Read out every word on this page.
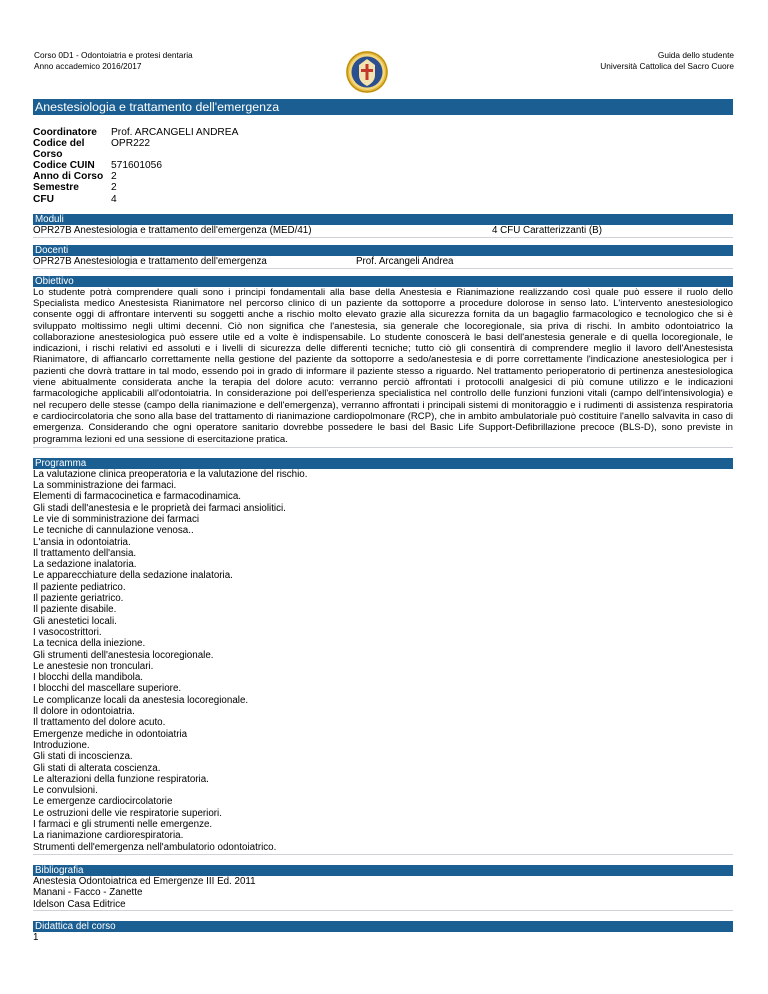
Corso 0D1 - Odontoiatria e protesi dentaria
Anno accademico 2016/2017
Guida dello studente
Università Cattolica del Sacro Cuore
Anestesiologia e trattamento dell'emergenza
Coordinatore	Prof. ARCANGELI ANDREA
Codice del Corso	OPR222
Codice CUIN	571601056
Anno di Corso	2
Semestre	2
CFU	4
Moduli
OPR27B Anestesiologia e trattamento dell'emergenza (MED/41)	4 CFU Caratterizzanti (B)
Docenti
OPR27B Anestesiologia e trattamento dell'emergenza	Prof. Arcangeli Andrea
Obiettivo
Lo studente potrà comprendere quali sono i principi fondamentali alla base della Anestesia e Rianimazione realizzando così quale può essere il ruolo dello Specialista medico Anestesista Rianimatore nel percorso clinico di un paziente da sottoporre a procedure dolorose in senso lato. L'intervento anestesiologico consente oggi di affrontare interventi su soggetti anche a rischio molto elevato grazie alla sicurezza fornita da un bagaglio farmacologico e tecnologico che si è sviluppato moltissimo negli ultimi decenni. Ciò non significa che l'anestesia, sia generale che locoregionale, sia priva di rischi. In ambito odontoiatrico la collaborazione anestesiologica può essere utile ed a volte è indispensabile. Lo studente conoscerà le basi dell'anestesia generale e di quella locoregionale, le indicazioni, i rischi relativi ed assoluti e i livelli di sicurezza delle differenti tecniche; tutto ciò gli consentirà di comprendere meglio il lavoro dell'Anestesista Rianimatore, di affiancarlo correttamente nella gestione del paziente da sottoporre a sedo/anestesia e di porre correttamente l'indicazione anestesiologica per i pazienti che dovrà trattare in tal modo, essendo poi in grado di informare il paziente stesso a riguardo. Nel trattamento perioperatorio di pertinenza anestesiologica viene abitualmente considerata anche la terapia del dolore acuto: verranno perciò affrontati i protocolli analgesici di più comune utilizzo e le indicazioni farmacologiche applicabili all'odontoiatria. In considerazione poi dell'esperienza specialistica nel controllo delle funzioni funzioni vitali (campo dell'intensivologia) e nel recupero delle stesse (campo della rianimazione e dell'emergenza), verranno affrontati i principali sistemi di monitoraggio e i rudimenti di assistenza respiratoria e cardiocircolatoria che sono alla base del trattamento di rianimazione cardiopolmonare (RCP), che in ambito ambulatoriale può costituire l'anello salvavita in caso di emergenza. Considerando che ogni operatore sanitario dovrebbe possedere le basi del Basic Life Support-Defibrillazione precoce (BLS-D), sono previste in programma lezioni ed una sessione di esercitazione pratica.
Programma
La valutazione clinica preoperatoria e la valutazione del rischio.
La somministrazione dei farmaci.
Elementi di farmacocinetica e farmacodinamica.
Gli stadi dell'anestesia e le proprietà dei farmaci ansiolitici.
Le vie di somministrazione dei farmaci
Le tecniche di cannulazione venosa..
L'ansia in odontoiatria.
Il trattamento dell'ansia.
La sedazione inalatoria.
Le apparecchiature della sedazione inalatoria.
Il paziente pediatrico.
Il paziente geriatrico.
Il paziente disabile.
Gli anestetici locali.
I vasocostrittori.
La tecnica della iniezione.
Gli strumenti dell'anestesia locoregionale.
Le anestesie non tronculari.
I blocchi della mandibola.
I blocchi del mascellare superiore.
Le complicanze locali da anestesia locoregionale.
Il dolore in odontoiatria.
Il trattamento del dolore acuto.
Emergenze mediche in odontoiatria
Introduzione.
Gli stati di incoscienza.
Gli stati di alterata coscienza.
Le alterazioni della funzione respiratoria.
Le convulsioni.
Le emergenze cardiocircolatorie
Le ostruzioni delle vie respiratorie superiori.
I farmaci e gli strumenti nelle emergenze.
La rianimazione cardiorespiratoria.
Strumenti dell'emergenza nell'ambulatorio odontoiatrico.
Bibliografia
Anestesia Odontoiatrica ed Emergenze III Ed. 2011
Manani - Facco - Zanette
Idelson Casa Editrice
Didattica del corso
1
